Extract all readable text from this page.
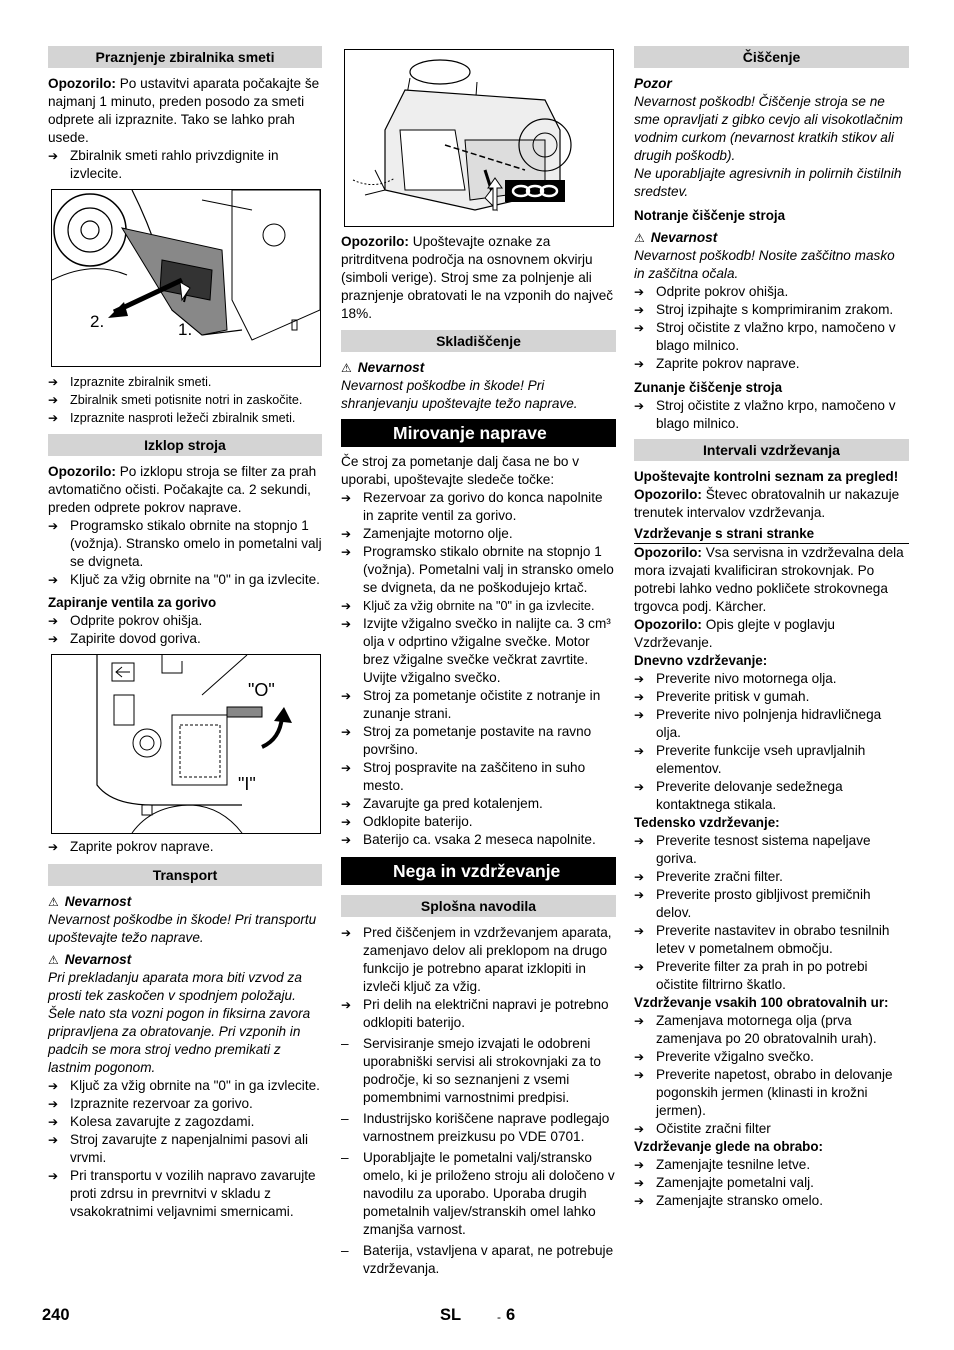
Praznjenje zbiralnika smeti

Opozorilo: Po ustavitvi aparata počakajte še najmanj 1 minuto, preden posodo za smeti odprete ali izpraznite. Tako se lahko prah usede.

➔ Zbiralnik smeti rahlo privzdignite in izvlecite.

2.	1.

➔ Izpraznite zbiralnik smeti.

➔ Zbiralnik smeti potisnite notri in zaskočite.

➔ Izpraznite nasproti ležeči zbiralnik smeti.

Izklop stroja

Opozorilo: Po izklopu stroja se filter za prah avtomatično očisti. Počakajte ca. 2 sekundi, preden odprete pokrov naprave.

➔ Programsko stikalo obrnite na stopnjo 1 (vožnja). Stransko omelo in pometalni valj se dvigneta.

➔ Ključ za vžig obrnite na "0" in ga izvlecite.

Zapiranje ventila za gorivo

➔ Odprite pokrov ohišja.

➔ Zapirite dovod goriva.

"O"
"I"

➔ Zaprite pokrov naprave.

Transport

⚠ Nevarnost

Nevarnost poškodbe in škode! Pri transportu upoštevajte težo naprave.

⚠ Nevarnost

Pri prekladanju aparata mora biti vzvod za prosti tek zaskočen v spodnjem položaju. Šele nato sta vozni pogon in fiksirna zavora pripravljena za obratovanje. Pri vzponih in padcih se mora stroj vedno premikati z lastnim pogonom.

➔ Ključ za vžig obrnite na "0" in ga izvlecite.

➔ Izpraznite rezervoar za gorivo.

➔ Kolesa zavarujte z zagozdami.

➔ Stroj zavarujte z napenjalnimi pasovi ali vrvmi.

➔ Pri transportu v vozilih napravo zavarujte proti zdrsu in prevrnitvi v skladu z vsakokratnimi veljavnimi smernicami.

Opozorilo: Upoštevajte oznake za pritrditvena področja na osnovnem okvirju (simboli verige). Stroj sme za polnjenje ali praznjenje obratovati le na vzponih do največ 18%.

Skladiščenje

⚠ Nevarnost

Nevarnost poškodbe in škode! Pri shranjevanju upoštevajte težo naprave.

Mirovanje naprave

Če stroj za pometanje dalj časa ne bo v uporabi, upoštevajte sledeče točke:

➔ Rezervoar za gorivo do konca napolnite in zaprite ventil za gorivo.

➔ Zamenjajte motorno olje.

➔ Programsko stikalo obrnite na stopnjo 1 (vožnja). Pometalni valj in stransko omelo se dvigneta, da ne poškodujejo krtač.

➔ Ključ za vžig obrnite na "0" in ga izvlecite.

➔ Izvijte vžigalno svečko in nalijte ca. 3 cm³ olja v odprtino vžigalne svečke. Motor brez vžigalne svečke večkrat zavrtite. Uvijte vžigalno svečko.

➔ Stroj za pometanje očistite z notranje in zunanje strani.

➔ Stroj za pometanje postavite na ravno površino.

➔ Stroj pospravite na zaščiteno in suho mesto.

➔ Zavarujte ga pred kotalenjem.

➔ Odklopite baterijo.

➔ Baterijo ca. vsaka 2 meseca napolnite.

Nega in vzdrževanje
Splošna navodila

➔ Pred čiščenjem in vzdrževanjem aparata, zamenjavo delov ali preklopom na drugo funkcijo je potrebno aparat izklopiti in izvleči ključ za vžig.

➔ Pri delih na električni napravi je potrebno odklopiti baterijo.

– Servisiranje smejo izvajati le odobreni uporabniški servisi ali strokovnjaki za to področje, ki so seznanjeni z vsemi pomembnimi varnostnimi predpisi.

– Industrijsko koriščene naprave podlegajo varnostnem preizkusu po VDE 0701.

– Uporabljajte le pometalni valj/stransko omelo, ki je priloženo stroju ali določeno v navodilu za uporabo. Uporaba drugih pometalnih valjev/stranskih omel lahko zmanjša varnost.

– Baterija, vstavljena v aparat, ne potrebuje vzdrževanja.

Čiščenje

Pozor

Nevarnost poškodb! Čiščenje stroja se ne sme opravljati z gibko cevjo ali visokotlačnim vodnim curkom (nevarnost kratkih stikov ali drugih poškodb).

Ne uporabljajte agresivnih in polirnih čistilnih sredstev.

Notranje čiščenje stroja

⚠ Nevarnost

Nevarnost poškodb! Nosite zaščitno masko in zaščitna očala.

➔ Odprite pokrov ohišja.

➔ Stroj izpihajte s komprimiranim zrakom.

➔ Stroj očistite z vlažno krpo, namočeno v blago milnico.

➔ Zaprite pokrov naprave.

Zunanje čiščenje stroja

➔ Stroj očistite z vlažno krpo, namočeno v blago milnico.

Intervali vzdrževanja

Upoštevajte kontrolni seznam za pregled!

Opozorilo: Števec obratovalnih ur nakazuje trenutek intervalov vzdrževanja.

Vzdrževanje s strani stranke

Opozorilo: Vsa servisna in vzdrževalna dela mora izvajati kvalificiran strokovnjak. Po potrebi lahko vedno pokličete strokovnega trgovca podj. Kärcher.

Opozorilo: Opis glejte v poglavju Vzdrževanje.

Dnevno vzdrževanje:

➔ Preverite nivo motornega olja.

➔ Preverite pritisk v gumah.

➔ Preverite nivo polnjenja hidravličnega olja.

➔ Preverite funkcije vseh upravljalnih elementov.

➔ Preverite delovanje sedežnega kontaktnega stikala.

Tedensko vzdrževanje:

➔ Preverite tesnost sistema napeljave goriva.

➔ Preverite zračni filter.

➔ Preverite prosto gibljivost premičnih delov.

➔ Preverite nastavitev in obrabo tesnilnih letev v pometalnem območju.

➔ Preverite filter za prah in po potrebi očistite filtrirno škatlo.

Vzdrževanje vsakih 100 obratovalnih ur:

➔ Zamenjava motornega olja (prva zamenjava po 20 obratovalnih urah).

➔ Preverite vžigalno svečko.

➔ Preverite napetost, obrabo in delovanje pogonskih jermen (klinasti in krožni jermen).

➔ Očistite zračni filter

Vzdrževanje glede na obrabo:

➔ Zamenjajte tesnilne letve.

➔ Zamenjajte pometalni valj.

➔ Zamenjajte stransko omelo.

240	SL	- 6
